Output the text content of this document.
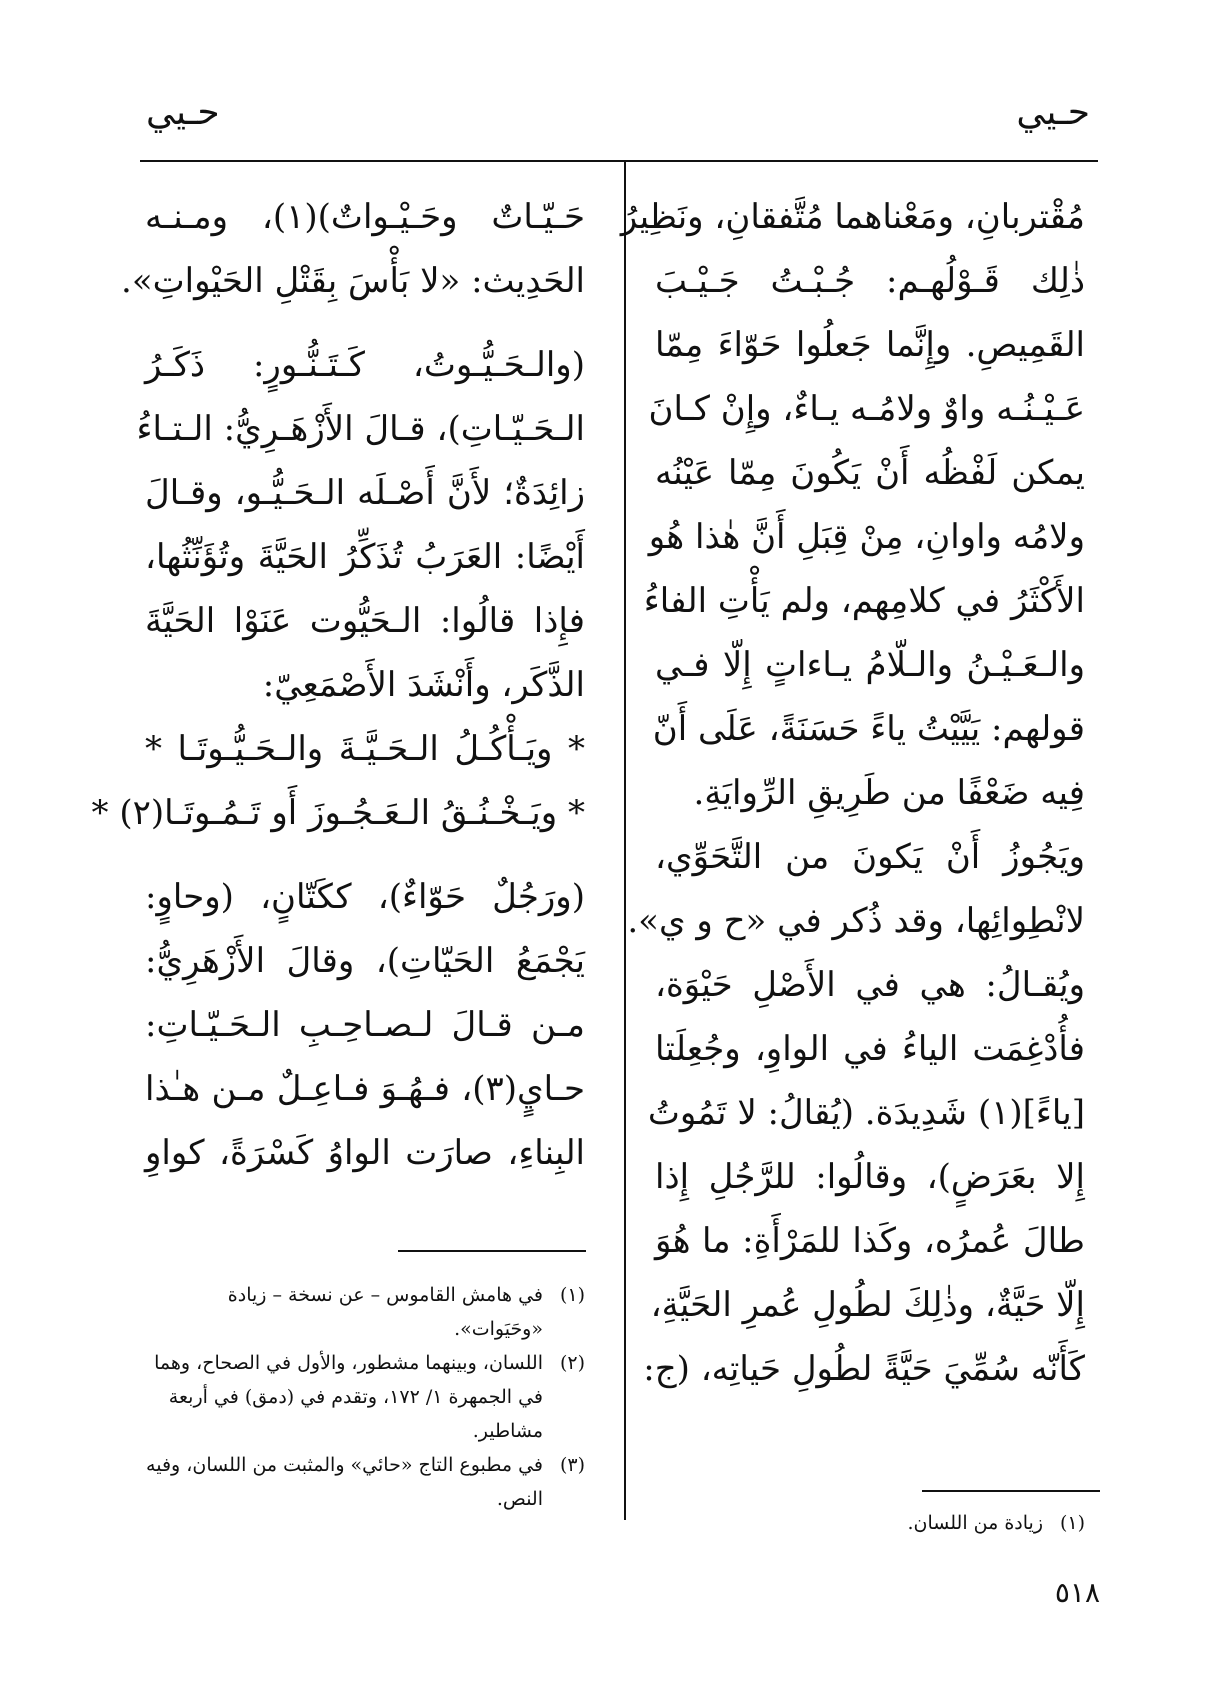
حـيي	حـيي
مُقْتربانِ، ومَعْناهما مُتَّفقانِ، ونَظِيرُ
ذٰلِك قَـوْلُهـم: جُـبْـتُ جَـيْـبَ
القَمِيصِ. وإِنَّما جَعلُوا حَوّاءَ مِمّا
عَـيْـنُـه واوٌ ولامُـه يـاءٌ، وإِنْ كـانَ
يمكن لَفْظُه أَنْ يَكُونَ مِمّا عَيْنُه
ولامُه واوانِ، مِنْ قِبَلِ أَنَّ هٰذا هُو
الأَكْثَرُ في كلامِهم، ولم يَأْتِ الفاءُ
والـعَـيْـنُ والـلّامُ يـاءاتٍ إِلّا فـي
قولهم: يَيَّيْتُ ياءً حَسَنَةً، عَلَى أَنّ
فِيه ضَعْفًا من طَرِيقِ الرِّوايَةِ.
ويَجُوزُ أَنْ يَكونَ من التَّحَوِّي،
لانْطِوائِها، وقد ذُكر في «ح و ي».
ويُقـالُ: هي في الأَصْلِ حَيْوَة،
فأُدْغِمَت الياءُ في الواوِ، وجُعِلَتا
[ياءً](١) شَدِيدَة. (يُقالُ: لا تَمُوتُ
إِلا بعَرَضٍ)، وقالُوا: للرَّجُلِ إِذا
طالَ عُمرُه، وكَذا للمَرْأَةِ: ما هُوَ
إِلّا حَيَّةٌ، وذٰلِكَ لطُولِ عُمرِ الحَيَّةِ،
كَأَنّه سُمِّيَ حَيَّةً لطُولِ حَياتِه، (ج:
حَـيّـاتٌ وحَـيْـواتٌ)(١)، ومـنـه
الحَدِيث: «لا بَأْسَ بِقَتْلِ الحَيْواتِ».
(والـحَـيُّـوتُ، كَـتَـنُّـورٍ: ذَكَـرُ
الـحَـيّـاتِ)، قـالَ الأَزْهَـرِيُّ: الـتـاءُ
زائِدَةٌ؛ لأَنَّ أَصْـلَه الـحَـيُّـو، وقـالَ
أَيْضًا: العَرَبُ تُذَكِّرُ الحَيَّةَ وتُؤَنِّثُها،
فإِذا قالُوا: الـحَيُّوت عَنَوْا الحَيَّةَ
الذَّكَر، وأَنْشَدَ الأَصْمَعِيّ:
* ويَـأْكُـلُ الـحَـيَّـةَ والـحَـيُّـوتَـا *
* ويَـخْـنُـقُ الـعَـجُـوزَ أَو تَـمُـوتَـا(٢) *
(ورَجُلٌ حَوّاءٌ)، ككَتّانٍ، (وحاوٍ:
يَجْمَعُ الحَيّاتِ)، وقالَ الأَزْهَرِيُّ:
مـن قـالَ لـصـاحِـبِ الـحَـيّـاتِ:
حـايٍ(٣)، فـهُـوَ فـاعِـلٌ مـن هـٰذا
البِناءِ، صارَت الواوُ كَسْرَةً، كواوِ
(١)
في هامش القاموس – عن نسخة – زيادة «وحَيَوات».
(٢)
اللسان، وبينهما مشطور، والأول في الصحاح، وهما في الجمهرة ١/ ١٧٢، وتقدم في (دمق) في أربعة مشاطير.
(٣)
في مطبوع التاج «حائي» والمثبت من اللسان، وفيه النص.
(١)
زيادة من اللسان.
٥١٨
